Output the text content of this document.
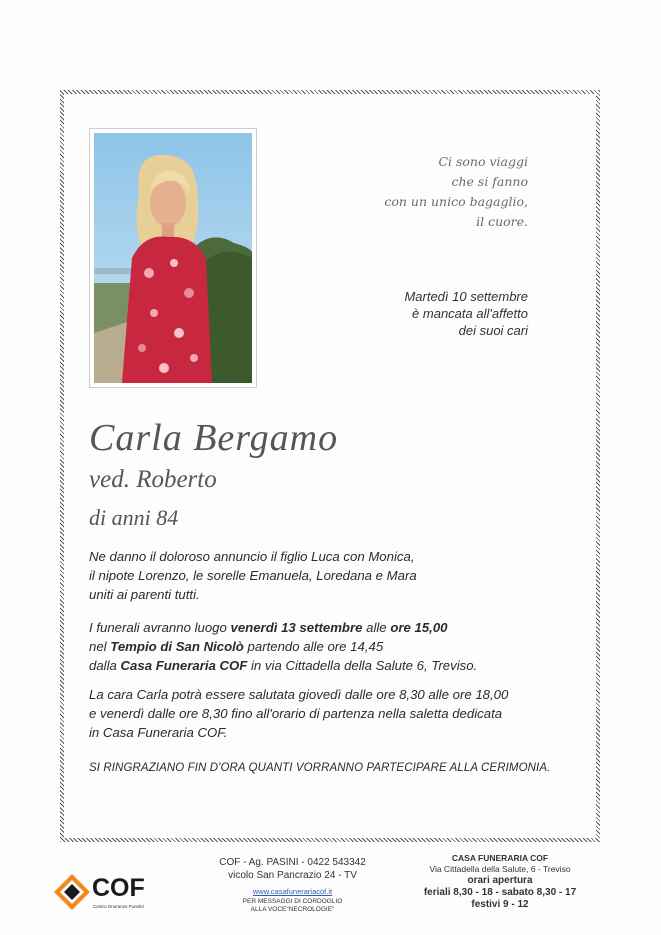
Ci sono viaggi
che si fanno
con un unico bagaglio,
il cuore.
Martedì 10 settembre
è mancata all'affetto
dei suoi cari
Carla Bergamo
ved. Roberto
di anni 84
Ne danno il doloroso annuncio il figlio Luca con Monica,
il nipote Lorenzo, le sorelle Emanuela, Loredana e Mara
uniti ai parenti tutti.
I funerali avranno luogo venerdì 13 settembre alle ore 15,00
nel Tempio di San Nicolò partendo alle ore 14,45
dalla Casa Funeraria COF in via Cittadella della Salute 6, Treviso.
La cara Carla potrà essere salutata giovedì dalle ore 8,30 alle ore 18,00
e venerdì dalle ore 8,30 fino all'orario di partenza nella saletta dedicata
in Casa Funeraria COF.
SI RINGRAZIANO FIN D'ORA QUANTI VORRANNO PARTECIPARE ALLA CERIMONIA.
COF
Centro Onoranze Funebri
COF - Ag. PASINI - 0422 543342
vicolo San Pancrazio 24 - TV
www.casafunerariacof.it
PER MESSAGGI DI CORDOGLIO
ALLA VOCE"NECROLOGIE"
CASA FUNERARIA COF
Via Cittadella della Salute, 6 - Treviso
orari apertura
feriali 8,30 - 18 - sabato 8,30 - 17
festivi 9 - 12
